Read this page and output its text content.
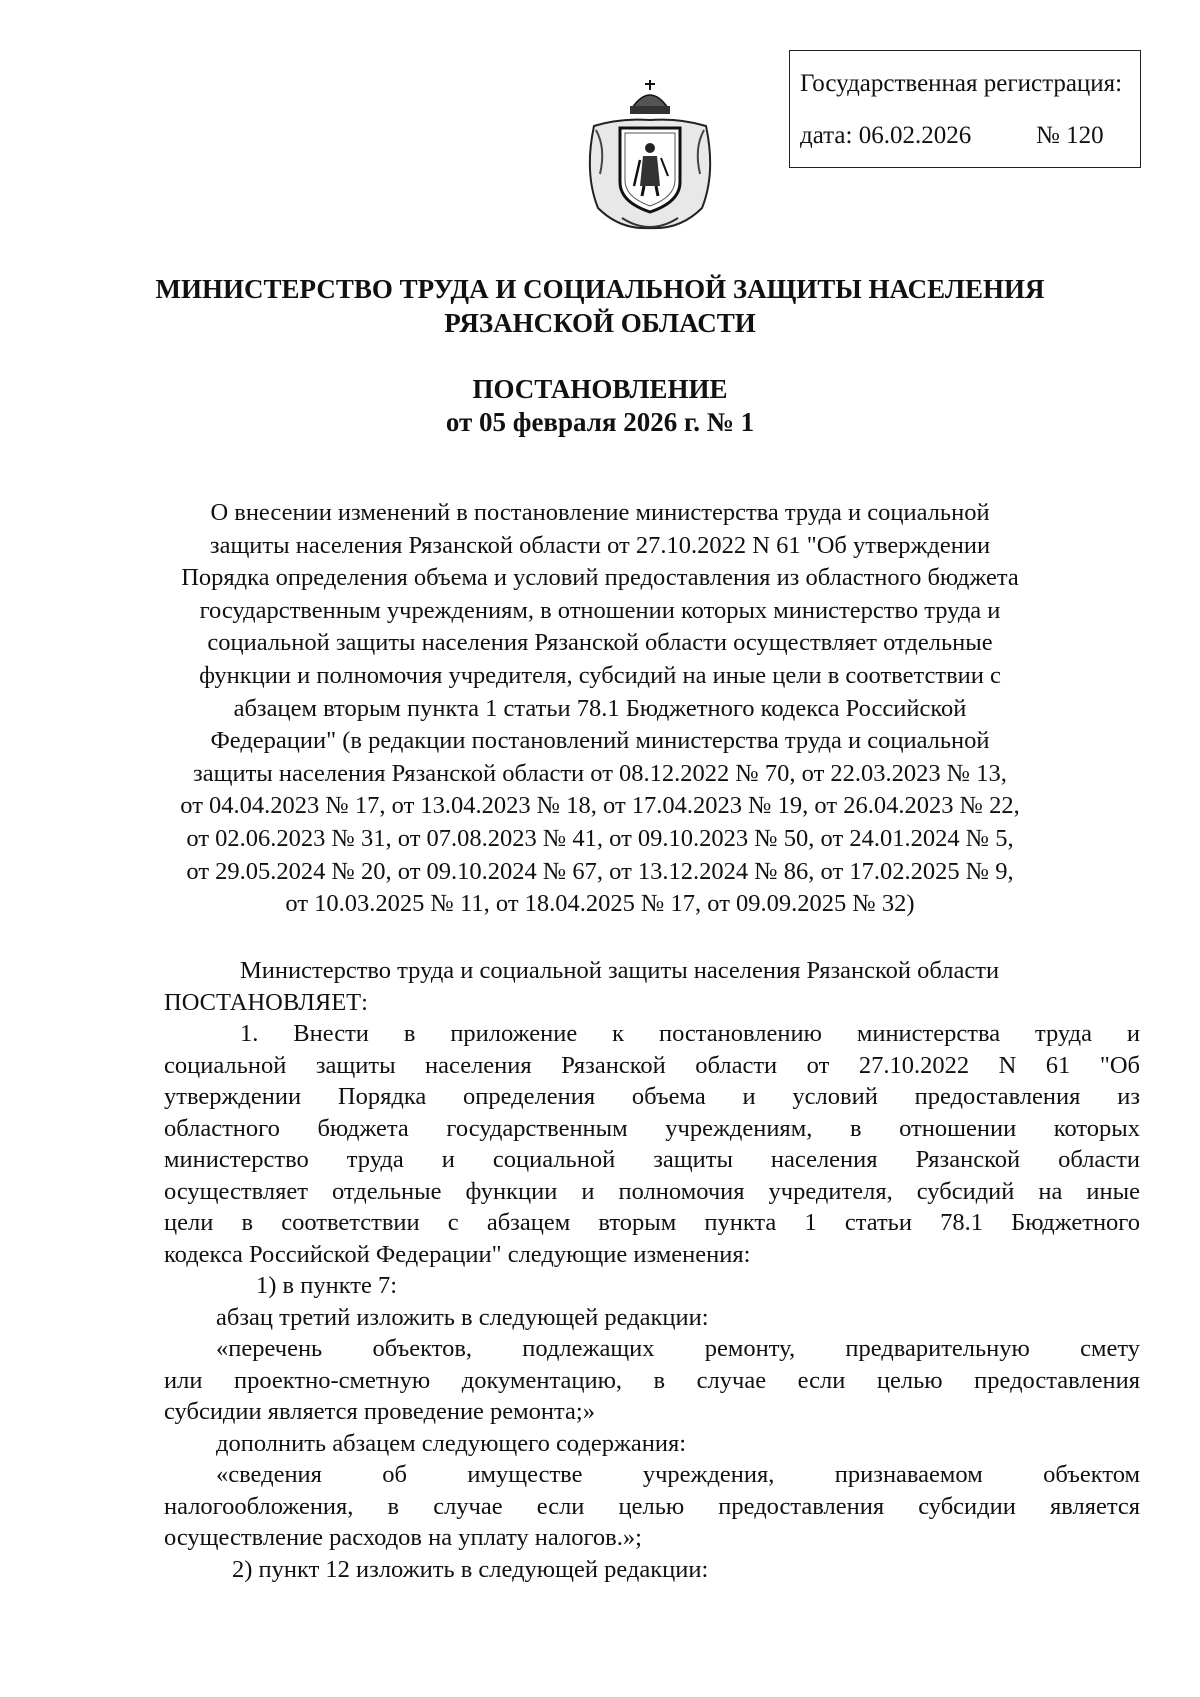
Государственная регистрация:
дата: 06.02.2026	№ 120
МИНИСТЕРСТВО ТРУДА И СОЦИАЛЬНОЙ ЗАЩИТЫ НАСЕЛЕНИЯ
РЯЗАНСКОЙ ОБЛАСТИ
ПОСТАНОВЛЕНИЕ
от 05 февраля 2026 г. № 1
О внесении изменений в постановление министерства труда и социальной
защиты населения Рязанской области от 27.10.2022 N 61 "Об утверждении
Порядка определения объема и условий предоставления из областного бюджета
государственным учреждениям, в отношении которых министерство труда и
социальной защиты населения Рязанской области осуществляет отдельные
функции и полномочия учредителя, субсидий на иные цели в соответствии с
абзацем вторым пункта 1 статьи 78.1 Бюджетного кодекса Российской
Федерации" (в редакции постановлений министерства труда и социальной
защиты населения Рязанской области от 08.12.2022 № 70, от 22.03.2023 № 13,
от 04.04.2023 № 17, от 13.04.2023 № 18, от 17.04.2023 № 19, от 26.04.2023 № 22,
от 02.06.2023 № 31, от 07.08.2023 № 41, от 09.10.2023 № 50, от 24.01.2024 № 5,
от 29.05.2024 № 20, от 09.10.2024 № 67, от 13.12.2024 № 86, от 17.02.2025 № 9,
от 10.03.2025 № 11, от 18.04.2025 № 17, от 09.09.2025 № 32)
Министерство труда и социальной защиты населения Рязанской области
ПОСТАНОВЛЯЕТ:
1. Внести в приложение к постановлению министерства труда и
социальной защиты населения Рязанской области от 27.10.2022 N 61 "Об
утверждении Порядка определения объема и условий предоставления из
областного бюджета государственным учреждениям, в отношении которых
министерство труда и социальной защиты населения Рязанской области
осуществляет отдельные функции и полномочия учредителя, субсидий на иные
цели в соответствии с абзацем вторым пункта 1 статьи 78.1 Бюджетного
кодекса Российской Федерации" следующие изменения:
1) в пункте 7:
абзац третий изложить в следующей редакции:
«перечень объектов, подлежащих ремонту, предварительную смету
или проектно-сметную документацию, в случае если целью предоставления
субсидии является проведение ремонта;»
дополнить абзацем следующего содержания:
«сведения об имуществе учреждения, признаваемом объектом
налогообложения, в случае если целью предоставления субсидии является
осуществление расходов на уплату налогов.»;
2) пункт 12 изложить в следующей редакции:
